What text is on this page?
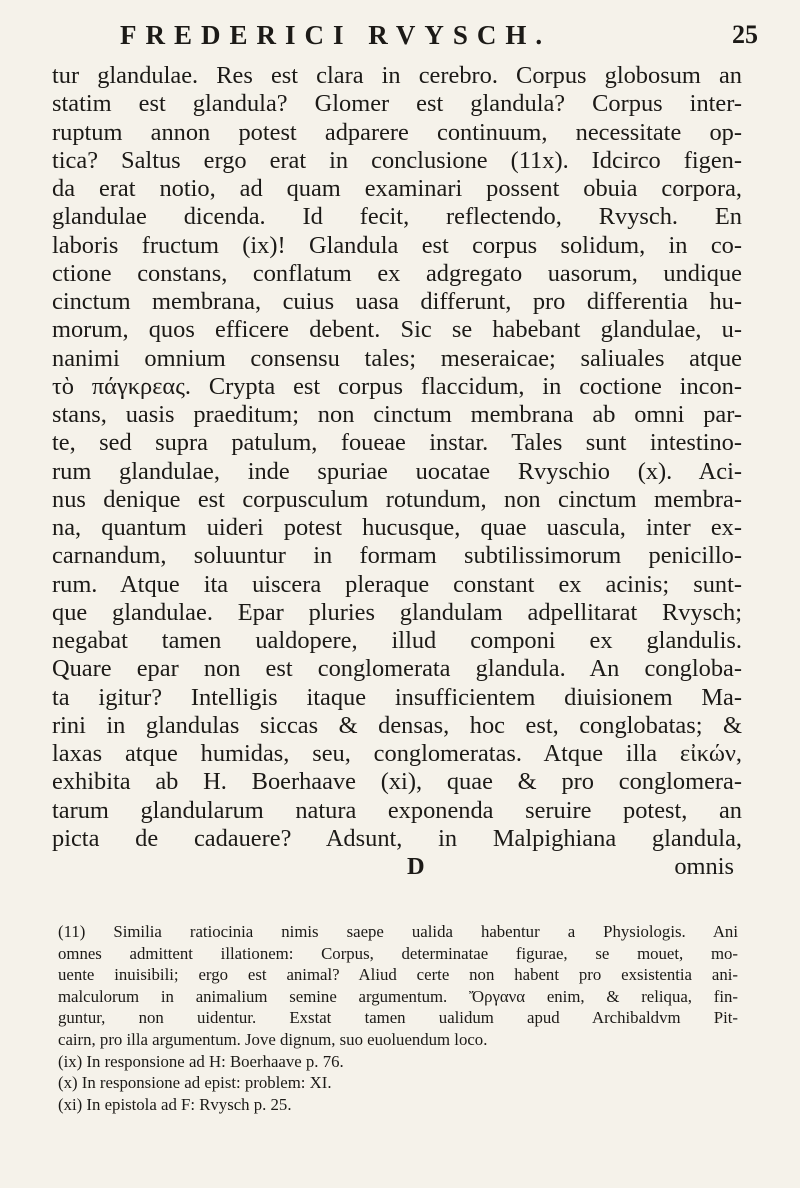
FREDERICI RVYSCH.	25
tur glandulae. Res est clara in cerebro. Corpus globosum an
statim est glandula? Glomer est glandula? Corpus inter-
ruptum annon potest adparere continuum, necessitate op-
tica? Saltus ergo erat in conclusione (11x). Idcirco figen-
da erat notio, ad quam examinari possent obuia corpora,
glandulae dicenda. Id fecit, reflectendo, Rvysch. En
laboris fructum (ix)! Glandula est corpus solidum, in co-
ctione constans, conflatum ex adgregato uasorum, undique
cinctum membrana, cuius uasa differunt, pro differentia hu-
morum, quos efficere debent. Sic se habebant glandulae, u-
nanimi omnium consensu tales; meseraicae; saliuales atque
τὸ πάγκρεας. Crypta est corpus flaccidum, in coctione incon-
stans, uasis praeditum; non cinctum membrana ab omni par-
te, sed supra patulum, foueae instar. Tales sunt intestino-
rum glandulae, inde spuriae uocatae Rvyschio (x). Aci-
nus denique est corpusculum rotundum, non cinctum membra-
na, quantum uideri potest hucusque, quae uascula, inter ex-
carnandum, soluuntur in formam subtilissimorum penicillo-
rum. Atque ita uiscera pleraque constant ex acinis; sunt-
que glandulae. Epar pluries glandulam adpellitarat Rvysch;
negabat tamen ualdopere, illud componi ex glandulis.
Quare epar non est conglomerata glandula. An congloba-
ta igitur? Intelligis itaque insufficientem diuisionem Ma-
rini in glandulas siccas & densas, hoc est, conglobatas; &
laxas atque humidas, seu, conglomeratas. Atque illa εἰκών,
exhibita ab H. Boerhaave (xi), quae & pro conglomera-
tarum glandularum natura exponenda seruire potest, an
picta de cadauere? Adsunt, in Malpighiana glandula,
D	omnis
(11) Similia ratiocinia nimis saepe ualida habentur a Physiologis. Ani
omnes admittent illationem: Corpus, determinatae figurae, se mouet, mo-
uente inuisibili; ergo est animal? Aliud certe non habent pro exsistentia ani-
malculorum in animalium semine argumentum. Ὄργανα enim, & reliqua, fin-
guntur, non uidentur. Exstat tamen ualidum apud Archibaldvm Pit-
cairn, pro illa argumentum. Jove dignum, suo euoluendum loco.
(ix) In responsione ad H: Boerhaave p. 76.
(x) In responsione ad epist: problem: XI.
(xi) In epistola ad F: Rvysch p. 25.
